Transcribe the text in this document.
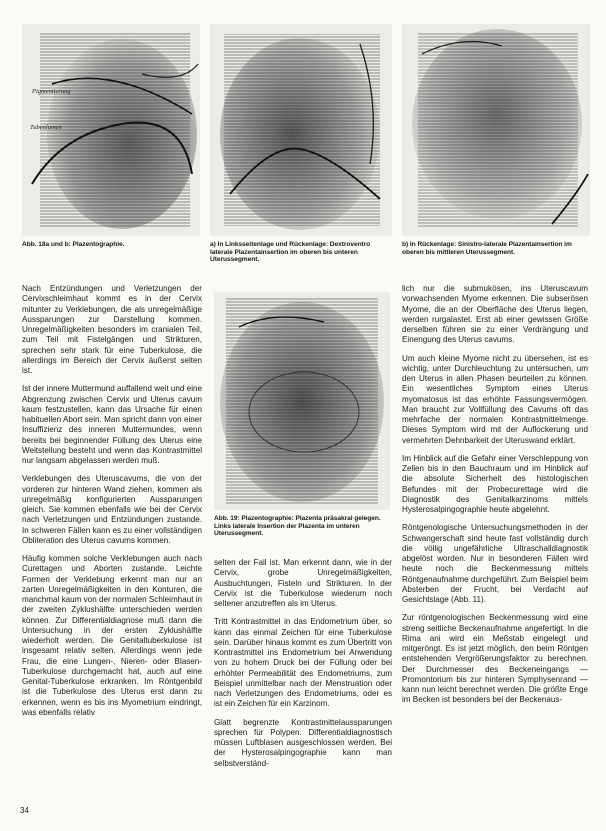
Pigmentierung
Tubenlumen
Abb. 18a und b: Plazentographie.	a) In Linksseitenlage und Rückenlage: Dextroventro laterale Plazentainsertion im oberen bis unteren Uterussegment.
b) In Rückenlage: Sinistro-laterale Plazentainsertion im oberen bis mittleren Uterussegment.
Abb. 19: Plazentographie: Plazenta präsakral gelegen. Links laterale Insertion der Plazenta im unteren Uterussegment.

Nach Entzündungen und Verletzungen der Cervixschleimhaut kommt es in der Cervix mitunter zu Verklebungen, die als unregelmäßige Aussparungen zur Darstellung kommen. Unregelmäßigkeiten besonders im cranialen Teil, zum Teil mit Fistelgängen und Strikturen, sprechen sehr stark für eine Tuberkulose, die allerdings im Bereich der Cervix äußerst selten ist.

Ist der innere Muttermund auffallend weit und eine Abgrenzung zwischen Cervix und Uterus cavum kaum festzustellen, kann das Ursache für einen habituellen Abort sein. Man spricht dann von einer Insuffizienz des inneren Muttermundes, wenn bereits bei beginnender Füllung des Uterus eine Weitstellung besteht und wenn das Kontrastmittel nur langsam abgelassen werden muß.

Verklebungen des Uteruscavums, die von der vorderen zur hinteren Wand ziehen, kommen als unregelmäßig konfigurierten Aussparungen gleich. Sie kommen ebenfalls wie bei der Cervix nach Verletzungen und Entzündungen zustande. In schweren Fällen kann es zu einer vollständigen Obliteration des Uterus cavums kommen.

Häufig kommen solche Verklebungen auch nach Curettagen und Aborten zustande. Leichte Formen der Verklebung erkennt man nur an zarten Unregelmäßigkeiten in den Konturen, die manchmal kaum von der normalen Schleimhaut in der zweiten Zyklushälfte unterschieden werden können. Zur Differentialdiagnose muß dann die Untersuchung in der ersten Zyklushälfte wiederholt werden. Die Genitaltuberkulose ist insgesamt relativ selten. Allerdings wenn jede Frau, die eine Lungen-, Nieren- oder Blasen-Tuberkulose durchgemacht hat, auch auf eine Genital-Tuberkulose erkranken. Im Röntgenbild ist die Tuberkulose des Uterus erst dann zu erkennen, wenn es bis ins Myometrium eindringt, was ebenfalls relativ

selten der Fall ist. Man erkennt dann, wie in der Cervix, grobe Unregelmäßigkeiten, Ausbuchtungen, Fisteln und Strikturen. In der Cervix ist die Tuberkulose wiederum noch seltener anzutreffen als im Uterus.

Tritt Kontrastmittel in das Endometrium über, so kann das einmal Zeichen für eine Tuberkulose sein. Darüber hinaus kommt es zum Übertritt von Kontrastmittel ins Endometrium bei Anwendung von zu hohem Druck bei der Füllung oder bei erhöhter Permeabilität des Endometriums, zum Beispiel unmittelbar nach der Menstruation oder nach Verletzungen des Endometriums, oder es ist ein Zeichen für ein Karzinom.

Glatt begrenzte Kontrastmittelaussparungen sprechen für Polypen. Differentialdiagnostisch müssen Luftblasen ausgeschlossen werden. Bei der Hysterosalpingographie kann man selbstverständ-

lich nur die submukösen, ins Uteruscavum vorwachsenden Myome erkennen. Die subserösen Myome, die an der Oberfläche des Uterus liegen, werden rurgalastet. Erst ab einer gewissen Größe derselben führen sie zu einer Verdrängung und Einengung des Uterus cavums.

Um auch kleine Myome nicht zu übersehen, ist es wichtig, unter Durchleuchtung zu untersuchen, um den Uterus in allen Phasen beurteilen zu können. Ein wesentliches Symptom eines Uterus myomatosus ist das erhöhte Fassungsvermögen. Man braucht zur Vollfüllung des Cavums oft das mehrfache der normalen Kontrastmittelmenge. Dieses Symptom wird mit der Auflockerung und vermehrten Dehnbarkeit der Uteruswand erklärt.

Im Hinblick auf die Gefahr einer Verschleppung von Zellen bis in den Bauchraum und im Hinblick auf die absolute Sicherheit des histologischen Befundes mit der Probecurettage wird die Diagnostik des Genitalkarzinoms mittels Hysterosalpingographie heute abgelehnt.

Röntgenologische Untersuchungsmethoden in der Schwangerschaft sind heute fast vollständig durch die völlig ungefährliche Ultraschalldiagnostik abgelöst worden. Nur in besonderen Fällen wird heute noch die Beckenmessung mittels Röntgenaufnahme durchgeführt. Zum Beispiel beim Absterben der Frucht, bei Verdacht auf Gesichtslage (Abb. 11).

Zur röntgenologischen Beckenmessung wird eine streng seitliche Beckenaufnahme angefertigt. In die Rima ani wird ein Meßstab eingelegt und mitgeröngt. Es ist jetzt möglich, den beim Röntgen entstehenden Vergrößerungsfaktor zu berechnen. Der Durchmesser des Beckeneingangs — Promontorium bis zur hinteren Symphysenrand — kann nun leicht berechnet werden. Die größte Enge im Becken ist besonders bei der Beckenaus-

34
